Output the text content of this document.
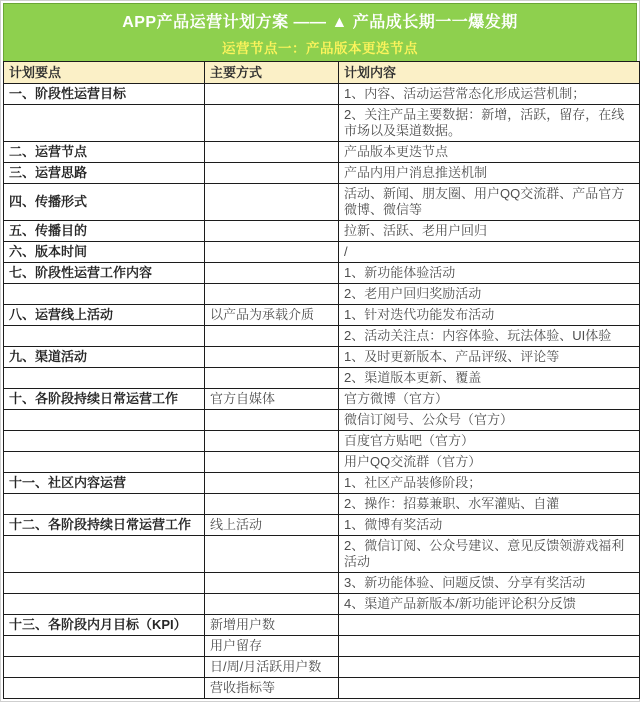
APP产品运营计划方案 —— ▲ 产品成长期一一爆发期
运营节点一：产品版本更迭节点
计划要点	主要方式	计划内容
一、阶段性运营目标		1、内容、活动运营常态化形成运营机制；
		2、关注产品主要数据：新增，活跃，留存，在线市场以及渠道数据。
二、运营节点		产品版本更迭节点
三、运营思路		产品内用户消息推送机制
四、传播形式		活动、新闻、朋友圈、用户QQ交流群、产品官方微博、微信等
五、传播目的		拉新、活跃、老用户回归
六、版本时间		/
七、阶段性运营工作内容		1、新功能体验活动
		2、老用户回归奖励活动
八、运营线上活动	以产品为承载介质	1、针对迭代功能发布活动
		2、活动关注点：内容体验、玩法体验、UI体验
九、渠道活动		1、及时更新版本、产品评级、评论等
		2、渠道版本更新、覆盖
十、各阶段持续日常运营工作	官方自媒体	官方微博（官方）
		微信订阅号、公众号（官方）
		百度官方贴吧（官方）
		用户QQ交流群（官方）
十一、社区内容运营		1、社区产品装修阶段；
		2、操作：招募兼职、水军灌贴、自灌
十二、各阶段持续日常运营工作	线上活动	1、微博有奖活动
		2、微信订阅、公众号建议、意见反馈领游戏福利活动
		3、新功能体验、问题反馈、分享有奖活动
		4、渠道产品新版本/新功能评论积分反馈
十三、各阶段内月目标（KPI）	新增用户数	
	用户留存	
	日/周/月活跃用户数	
	营收指标等	
